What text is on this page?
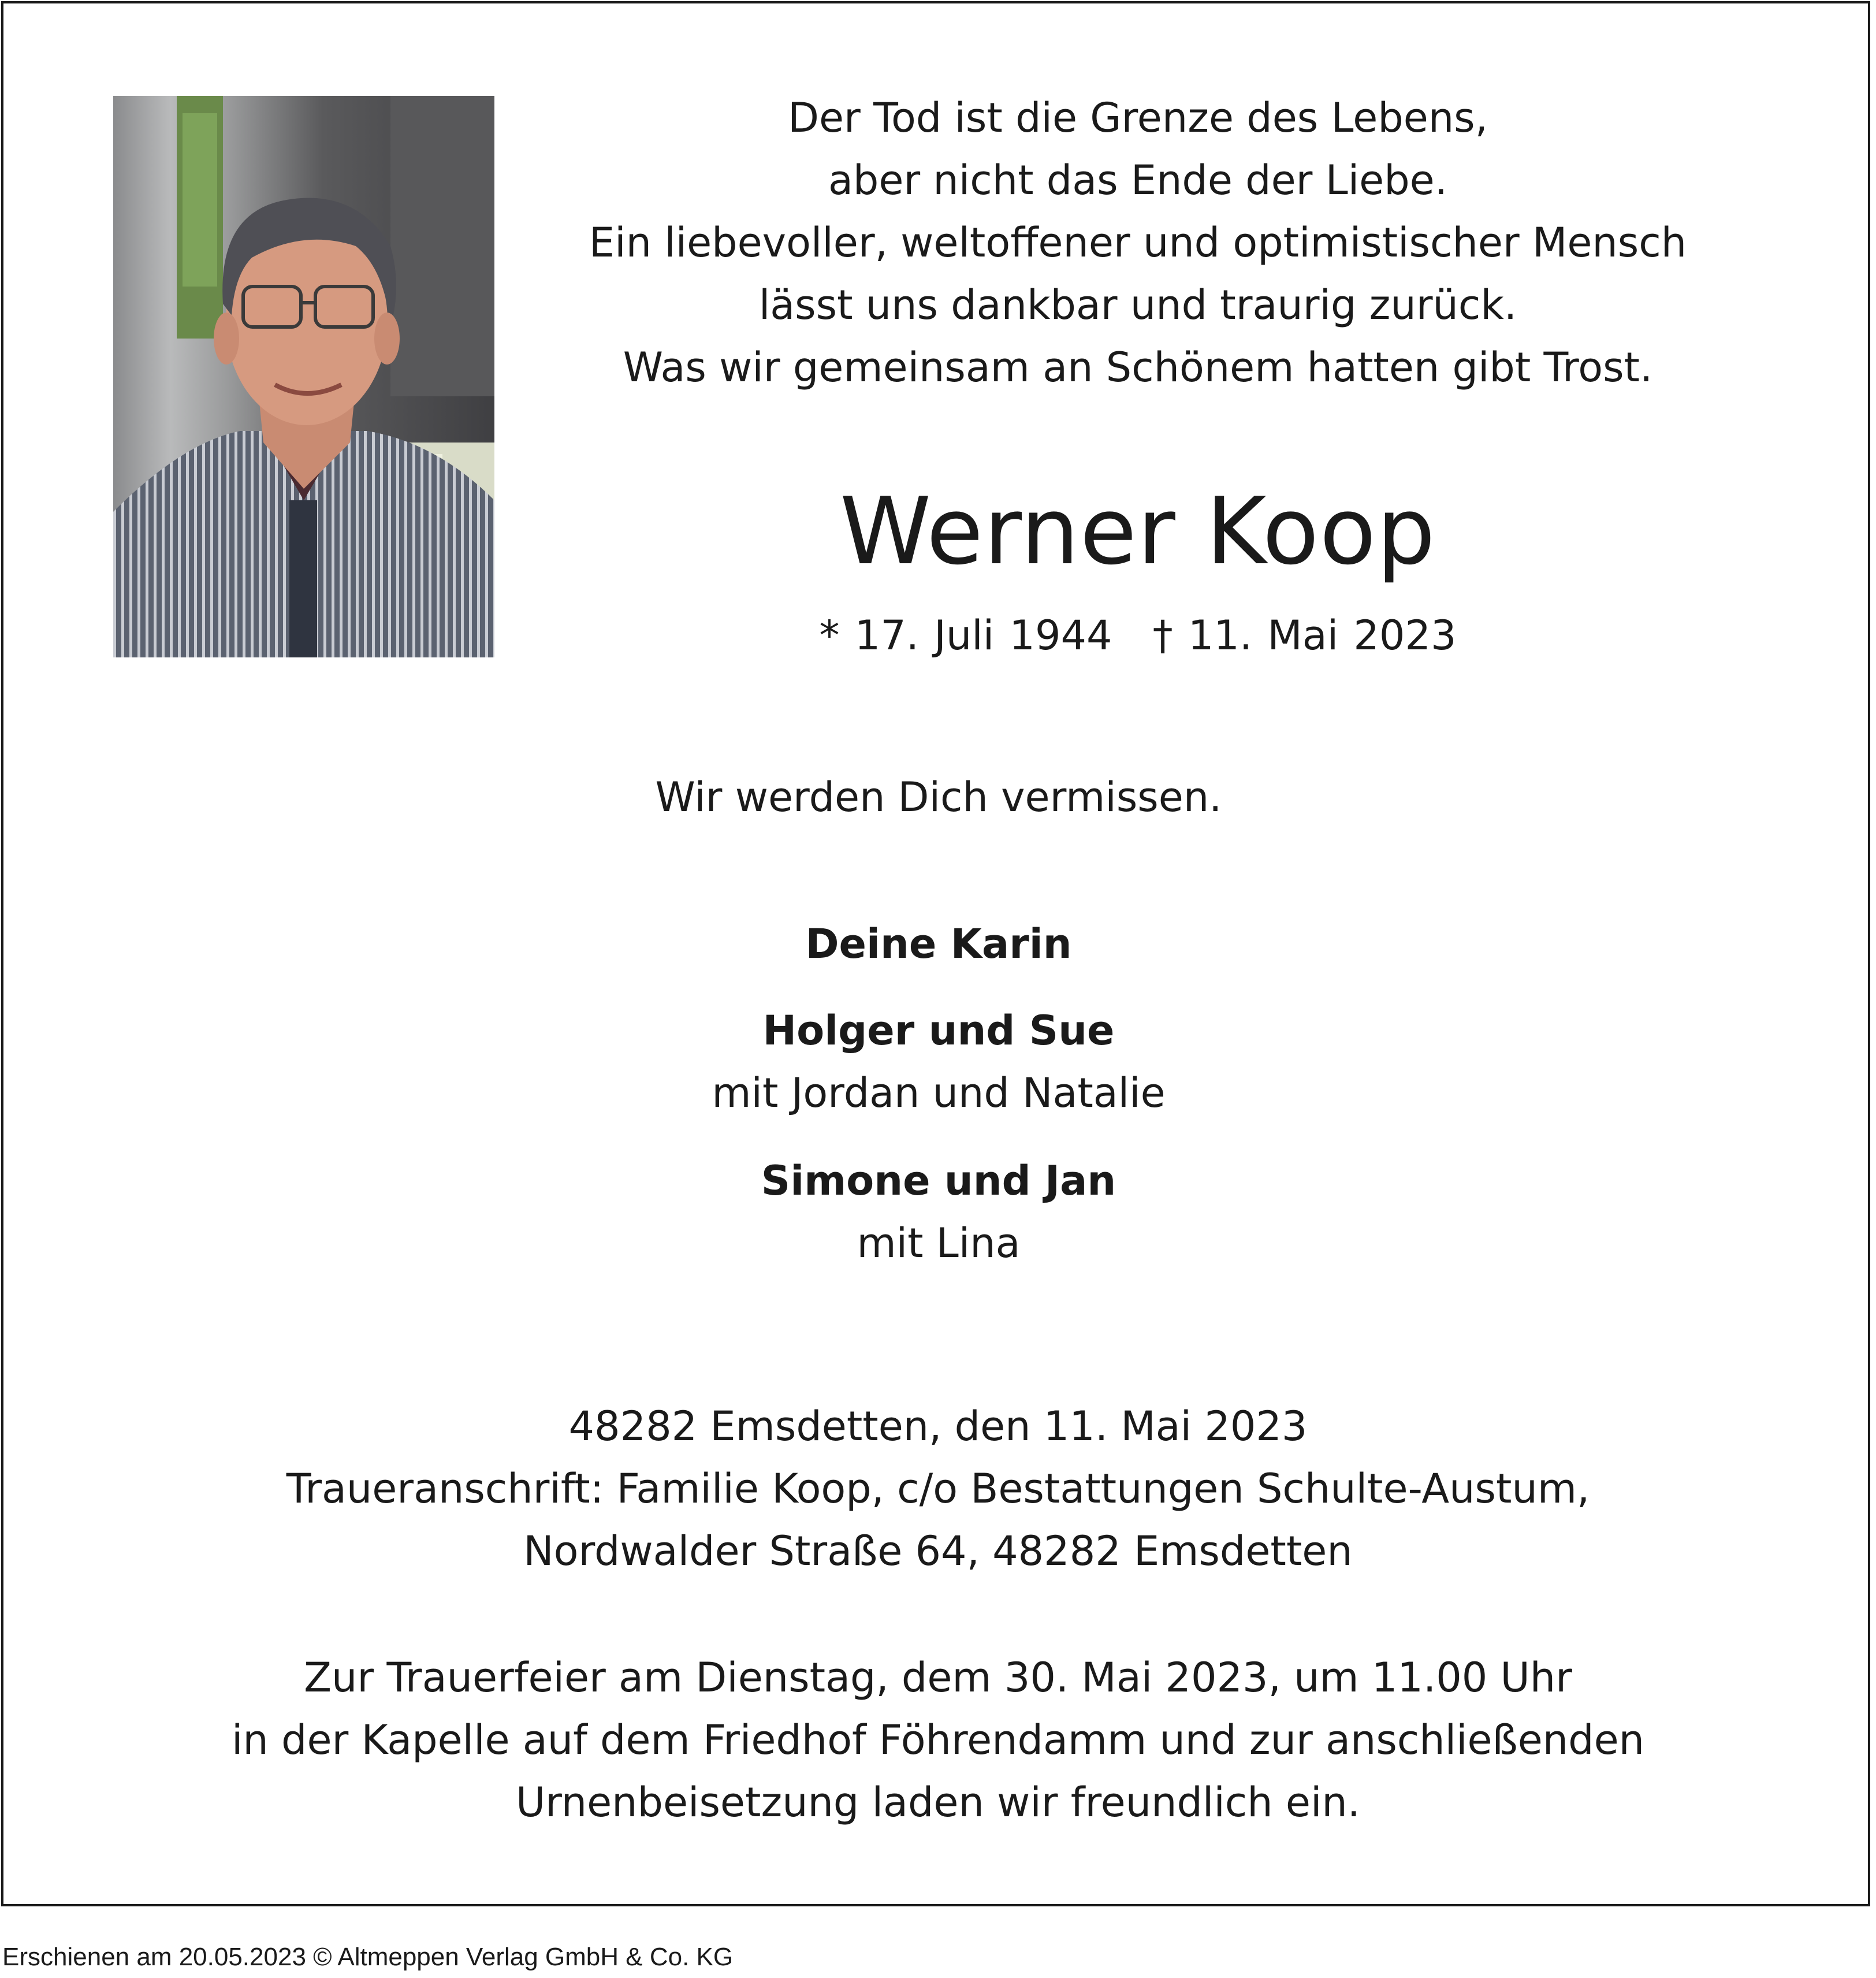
Der Tod ist die Grenze des Lebens,
aber nicht das Ende der Liebe.
Ein liebevoller, weltoffener und optimistischer Mensch
lässt uns dankbar und traurig zurück.
Was wir gemeinsam an Schönem hatten gibt Trost.
Werner Koop
* 17. Juli 1944 † 11. Mai 2023
Wir werden Dich vermissen.
Deine Karin
Holger und Sue
mit Jordan und Natalie
Simone und Jan
mit Lina
48282 Emsdetten, den 11. Mai 2023
Traueranschrift: Familie Koop, c/o Bestattungen Schulte-Austum,
Nordwalder Straße 64, 48282 Emsdetten
Zur Trauerfeier am Dienstag, dem 30. Mai 2023, um 11.00 Uhr
in der Kapelle auf dem Friedhof Föhrendamm und zur anschließenden
Urnenbeisetzung laden wir freundlich ein.
Erschienen am 20.05.2023 © Altmeppen Verlag GmbH & Co. KG
